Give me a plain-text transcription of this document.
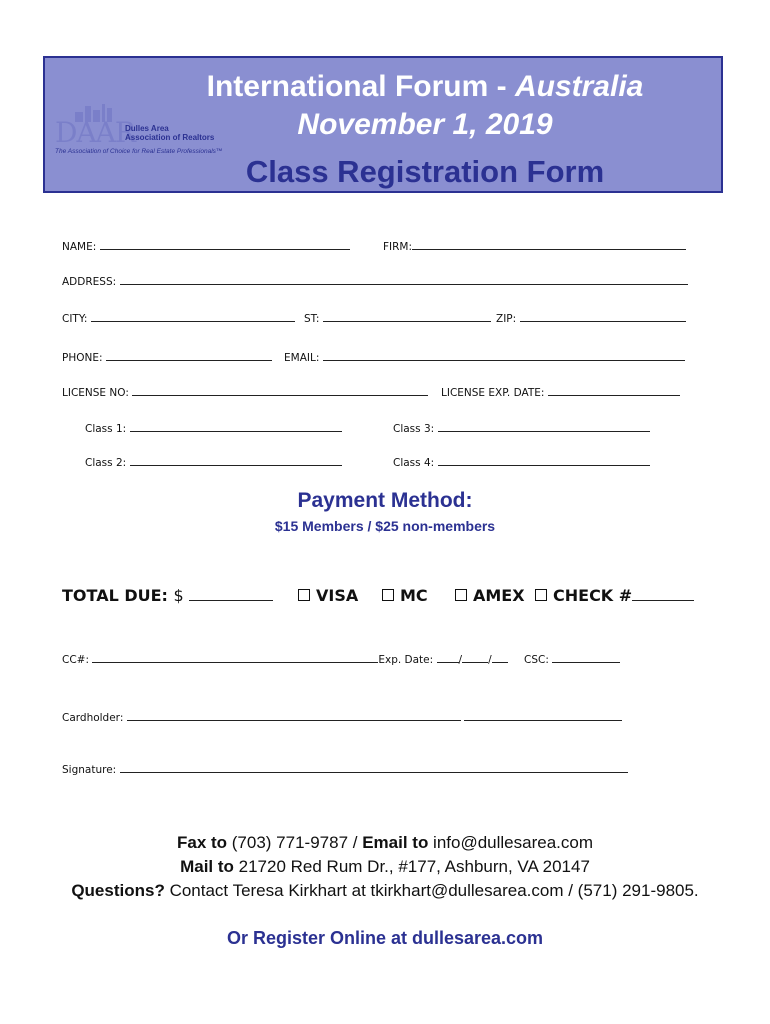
International Forum - Australia
November 1, 2019
Class Registration Form
DAAR
Dulles Area
Association of Realtors
The Association of Choice for Real Estate Professionals™
NAME:	FIRM:
ADDRESS:
CITY:	ST:	ZIP:
PHONE:	EMAIL:
LICENSE NO:	LICENSE EXP. DATE:
Class 1:	Class 3:
Class 2:	Class 4:
Payment Method:
$15 Members / $25 non-members
TOTAL DUE: $	VISA	MC	AMEX	CHECK #
CC#:	Exp. Date: / /	CSC:
Cardholder:
Signature:
Fax to (703) 771-9787 / Email to info@dullesarea.com
Mail to 21720 Red Rum Dr., #177, Ashburn, VA 20147
Questions? Contact Teresa Kirkhart at tkirkhart@dullesarea.com / (571) 291-9805.
Or Register Online at dullesarea.com
